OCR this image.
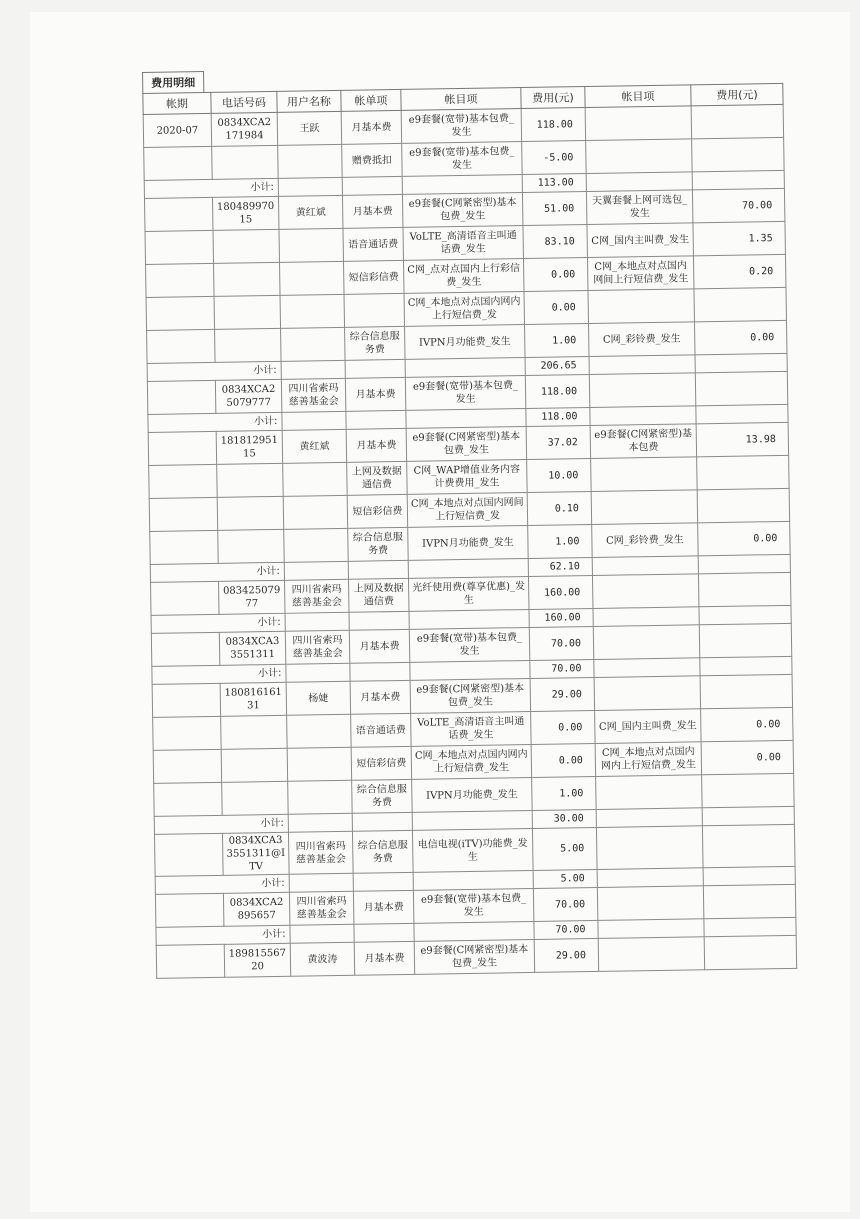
费用明细
帐期	电话号码	用户名称	帐单项	帐目项	费用(元)	帐目项	费用(元)
2020-07	0834XCA2171984	王跃	月基本费	e9套餐(宽带)基本包费_发生	118.00		
			赠费抵扣	e9套餐(宽带)基本包费_发生	-5.00		
小计:					113.00		
	18048997015	黄红斌	月基本费	e9套餐(C网紧密型)基本包费_发生	51.00	天翼套餐上网可选包_发生	70.00
			语音通话费	VoLTE_高清语音主叫通话费_发生	83.10	C网_国内主叫费_发生	1.35
			短信彩信费	C网_点对点国内上行彩信费_发生	0.00	C网_本地点对点国内网间上行短信费_发生	0.20
				C网_本地点对点国内网内上行短信费_发	0.00		
			综合信息服务费	IVPN月功能费_发生	1.00	C网_彩铃费_发生	0.00
小计:					206.65		
	0834XCA25079777	四川省索玛慈善基金会	月基本费	e9套餐(宽带)基本包费_发生	118.00		
小计:					118.00		
	18181295115	黄红斌	月基本费	e9套餐(C网紧密型)基本包费_发生	37.02	e9套餐(C网紧密型)基本包费	13.98
			上网及数据通信费	C网_WAP增值业务内容计费费用_发生	10.00		
			短信彩信费	C网_本地点对点国内网间上行短信费_发	0.10		
			综合信息服务费	IVPN月功能费_发生	1.00	C网_彩铃费_发生	0.00
小计:					62.10		
	08342507977	四川省索玛慈善基金会	上网及数据通信费	光纤使用费(尊享优惠)_发生	160.00		
小计:					160.00		
	0834XCA33551311	四川省索玛慈善基金会	月基本费	e9套餐(宽带)基本包费_发生	70.00		
小计:					70.00		
	18081616131	杨婕	月基本费	e9套餐(C网紧密型)基本包费_发生	29.00		
			语音通话费	VoLTE_高清语音主叫通话费_发生	0.00	C网_国内主叫费_发生	0.00
			短信彩信费	C网_本地点对点国内网内上行短信费_发生	0.00	C网_本地点对点国内网内上行短信费_发生	0.00
			综合信息服务费	IVPN月功能费_发生	1.00		
小计:					30.00		
	0834XCA33551311@ITV	四川省索玛慈善基金会	综合信息服务费	电信电视(iTV)功能费_发生	5.00		
小计:					5.00		
	0834XCA2895657	四川省索玛慈善基金会	月基本费	e9套餐(宽带)基本包费_发生	70.00		
小计:					70.00		
	18981556720	黄波涛	月基本费	e9套餐(C网紧密型)基本包费_发生	29.00		
